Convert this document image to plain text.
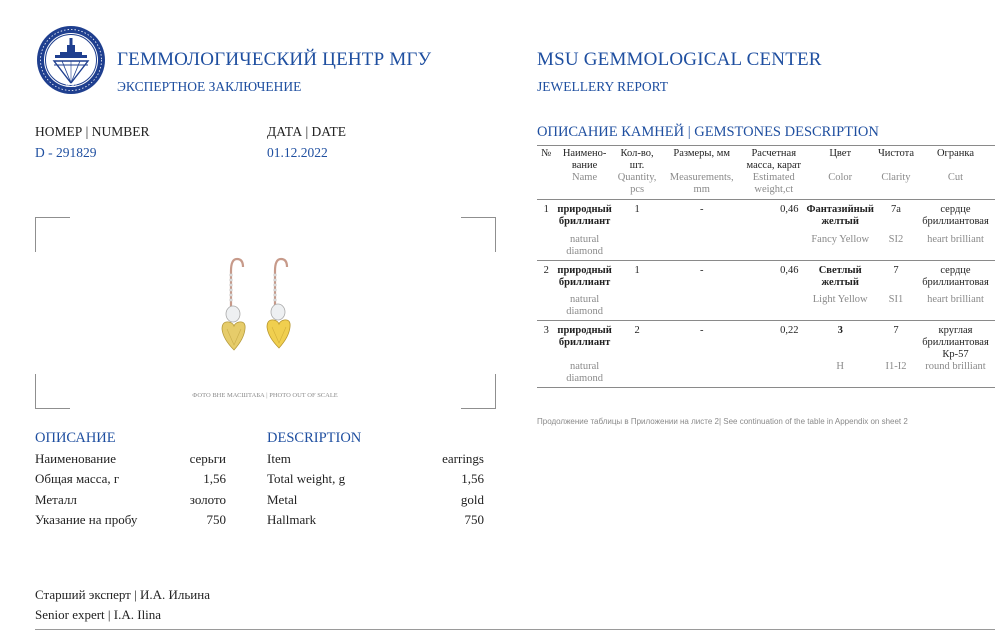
MSU
ГЕММОЛОГИЧЕСКИЙ ЦЕНТР МГУ
ЭКСПЕРТНОЕ ЗАКЛЮЧЕНИЕ
MSU GEMMOLOGICAL CENTER
JEWELLERY REPORT
НОМЕР | NUMBER
D - 291829
ДАТА | DATE
01.12.2022
ФОТО ВНЕ МАСШТАБА | PHOTO OUT OF SCALE
ОПИСАНИЕ
Наименование	серьги
Общая масса, г	1,56
Металл	золото
Указание на пробу	750
DESCRIPTION
Item	earrings
Total weight, g	1,56
Metal	gold
Hallmark	750
ОПИСАНИЕ КАМНЕЙ | GEMSTONES DESCRIPTION
№	Наимено-вание	Кол-во, шт.	Размеры, мм	Расчетная масса, карат	Цвет	Чистота	Огранка
	Name	Quantity, pcs	Measurements, mm	Estimated weight,ct	Color	Clarity	Cut
1	природный бриллиант	1	-	0,46	Фантазийный желтый	7а	сердце бриллиантовая
	natural diamond				Fancy Yellow	SI2	heart brilliant
2	природный бриллиант	1	-	0,46	Светлый желтый	7	сердце бриллиантовая
	natural diamond				Light Yellow	SI1	heart brilliant
3	природный бриллиант	2	-	0,22	3	7	круглая бриллиантовая Кр-57
	natural diamond				H	I1-I2	round brilliant
Продолжение таблицы в Приложении на листе 2| See continuation of the table in Appendix on sheet 2
Старший эксперт | И.А. Ильина
Senior expert | I.A. Ilina
